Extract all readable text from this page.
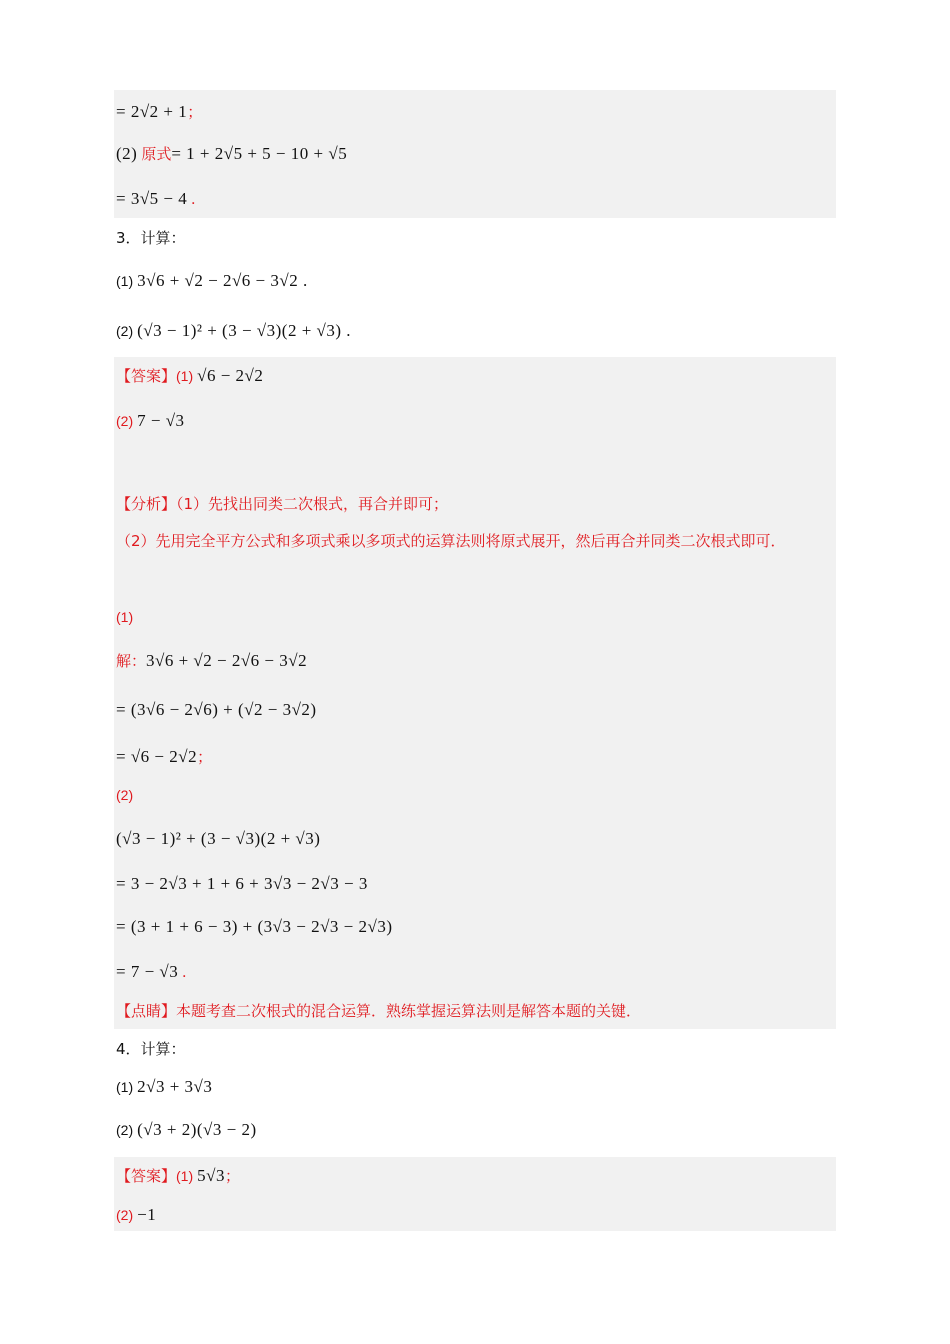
= 2√2 + 1；
(2) 原式= 1 + 2√5 + 5 − 10 + √5
= 3√5 − 4 .
3．计算：
(1) 3√6 + √2 − 2√6 − 3√2 .
(2) (√3 − 1)² + (3 − √3)(2 + √3) .
【答案】(1) √6 − 2√2
(2) 7 − √3
【分析】（1）先找出同类二次根式，再合并即可；
（2）先用完全平方公式和多项式乘以多项式的运算法则将原式展开，然后再合并同类二次根式即可．
(1)
解：3√6 + √2 − 2√6 − 3√2
= (3√6 − 2√6) + (√2 − 3√2)
= √6 − 2√2；
(2)
(√3 − 1)² + (3 − √3)(2 + √3)
= 3 − 2√3 + 1 + 6 + 3√3 − 2√3 − 3
= (3 + 1 + 6 − 3) + (3√3 − 2√3 − 2√3)
= 7 − √3 .
【点睛】本题考查二次根式的混合运算．熟练掌握运算法则是解答本题的关键．
4．计算：
(1) 2√3 + 3√3
(2) (√3 + 2)(√3 − 2)
【答案】(1) 5√3；
(2) −1
